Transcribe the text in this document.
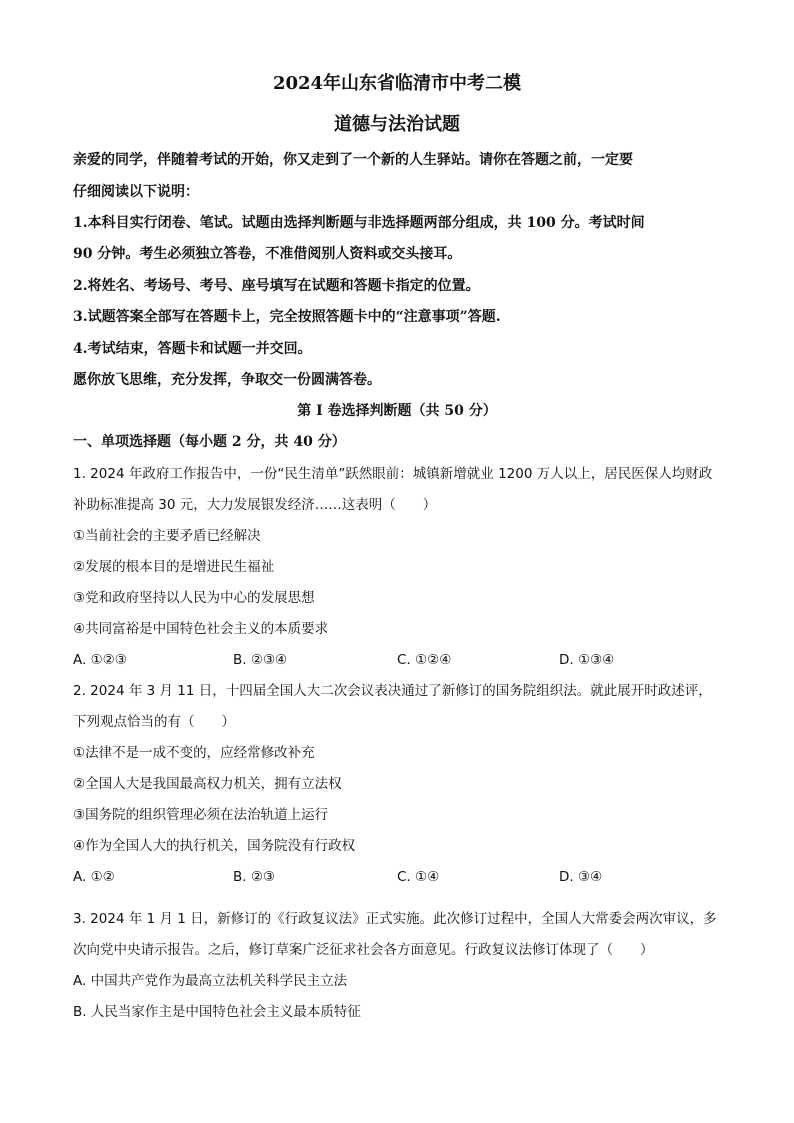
2024年山东省临清市中考二模
道德与法治试题
亲爱的同学，伴随着考试的开始，你又走到了一个新的人生驿站。请你在答题之前，一定要
仔细阅读以下说明：
1.本科目实行闭卷、笔试。试题由选择判断题与非选择题两部分组成，共 100 分。考试时间
90 分钟。考生必须独立答卷，不准借阅别人资料或交头接耳。
2.将姓名、考场号、考号、座号填写在试题和答题卡指定的位置。
3.试题答案全部写在答题卡上，完全按照答题卡中的“注意事项”答题.
4.考试结束，答题卡和试题一并交回。
愿你放飞思维，充分发挥，争取交一份圆满答卷。
第 I 卷选择判断题（共 50 分）
一、单项选择题（每小题 2 分，共 40 分）
1. 2024 年政府工作报告中，一份“民生清单”跃然眼前：城镇新增就业 1200 万人以上，居民医保人均财政
补助标准提高 30 元，大力发展银发经济……这表明（　　）
①当前社会的主要矛盾已经解决
②发展的根本目的是增进民生福祉
③党和政府坚持以人民为中心的发展思想
④共同富裕是中国特色社会主义的本质要求
A. ①②③	B. ②③④	C. ①②④	D. ①③④
2. 2024 年 3 月 11 日，十四届全国人大二次会议表决通过了新修订的国务院组织法。就此展开时政述评，
下列观点恰当的有（　　）
①法律不是一成不变的，应经常修改补充
②全国人大是我国最高权力机关，拥有立法权
③国务院的组织管理必须在法治轨道上运行
④作为全国人大的执行机关，国务院没有行政权
A. ①②	B. ②③	C. ①④	D. ③④
3. 2024 年 1 月 1 日，新修订的《行政复议法》正式实施。此次修订过程中，全国人大常委会两次审议，多
次向党中央请示报告。之后，修订草案广泛征求社会各方面意见。行政复议法修订体现了（　　）
A. 中国共产党作为最高立法机关科学民主立法
B. 人民当家作主是中国特色社会主义最本质特征
